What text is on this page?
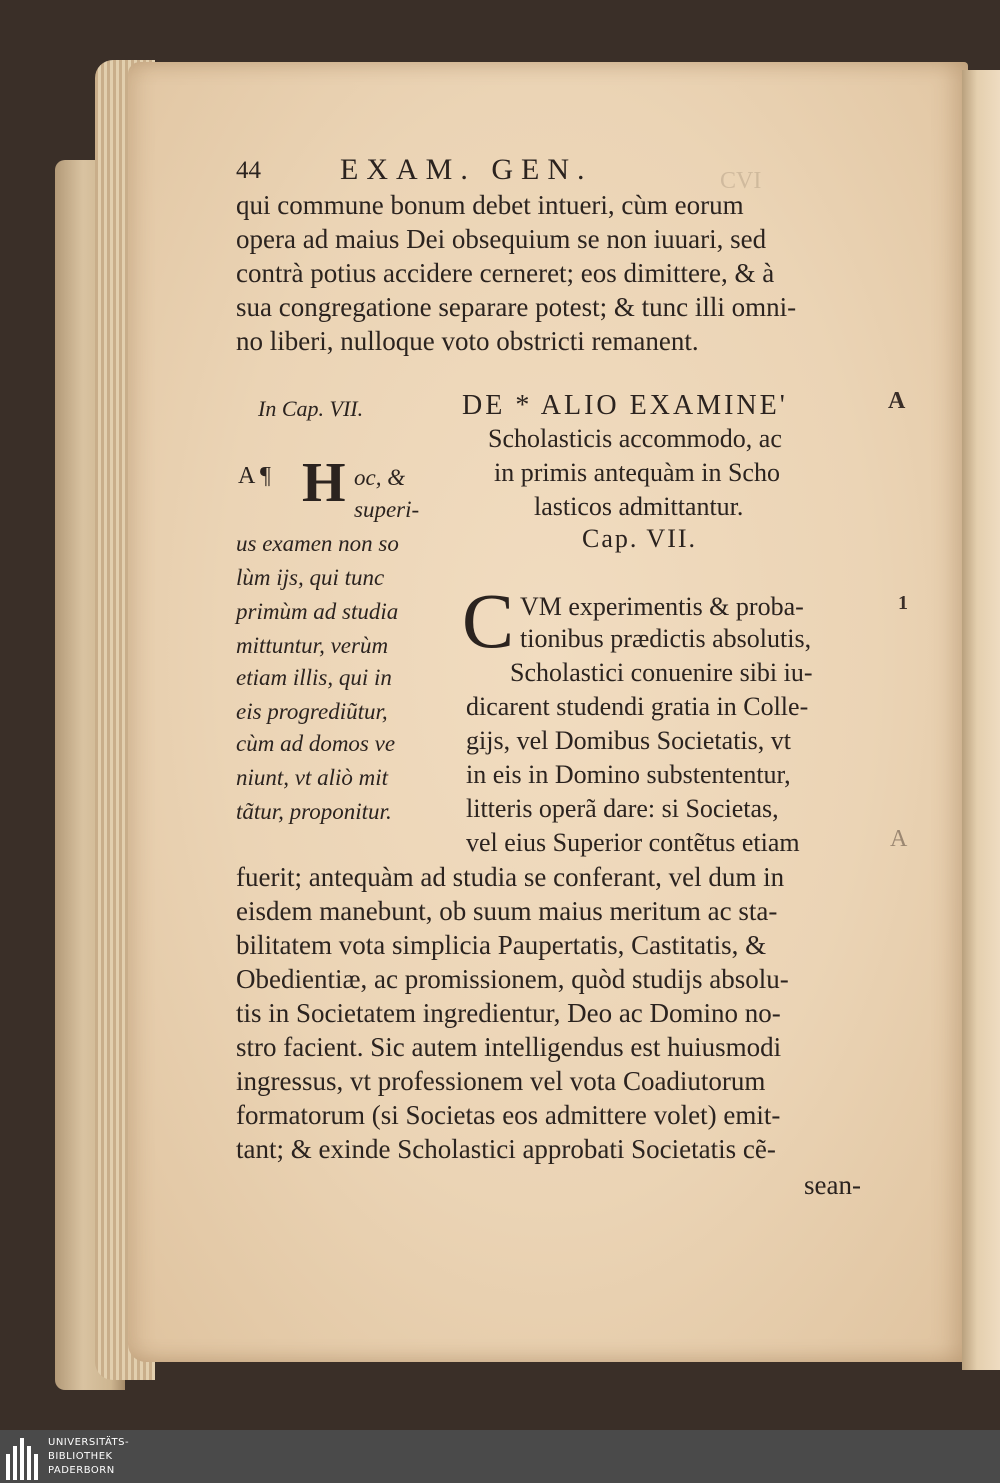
CVI
44	EXAM. GEN.
qui commune bonum debet intueri, cùm eorum
opera ad maius Dei obsequium se non iuuari, sed
contrà potius accidere cerneret; eos dimittere, & à
sua congregatione separare potest; & tunc illi omni-
no liberi, nulloque voto obstricti remanent.
In Cap. VII.	DE * ALIO EXAMINE'
Scholasticis accommodo, ac
in primis antequàm in Scho
lasticos admittantur.
Cap. VII.
A ¶ H oc, &
superi-
us examen non so
lùm ijs, qui tunc
primùm ad studia
mittuntur, verùm
etiam illis, qui in
eis progrediũtur,
cùm ad domos ve
niunt, vt aliò mit
tãtur, proponitur.
C VM experimentis & proba-
tionibus prædictis absolutis,
Scholastici conuenire sibi iu-
dicarent studendi gratia in Colle-
gijs, vel Domibus Societatis, vt
in eis in Domino substententur,
litteris operã dare: si Societas,
vel eius Superior contẽtus etiam
fuerit; antequàm ad studia se conferant, vel dum in
eisdem manebunt, ob suum maius meritum ac sta-
bilitatem vota simplicia Paupertatis, Castitatis, &
Obedientiæ, ac promissionem, quòd studijs absolu-
tis in Societatem ingredientur, Deo ac Domino no-
stro facient. Sic autem intelligendus est huiusmodi
ingressus, vt professionem vel vota Coadiutorum
formatorum (si Societas eos admittere volet) emit-
tant; & exinde Scholastici approbati Societatis cẽ-
sean-
A
1
A
UNIVERSITÄTS-
BIBLIOTHEK
PADERBORN
